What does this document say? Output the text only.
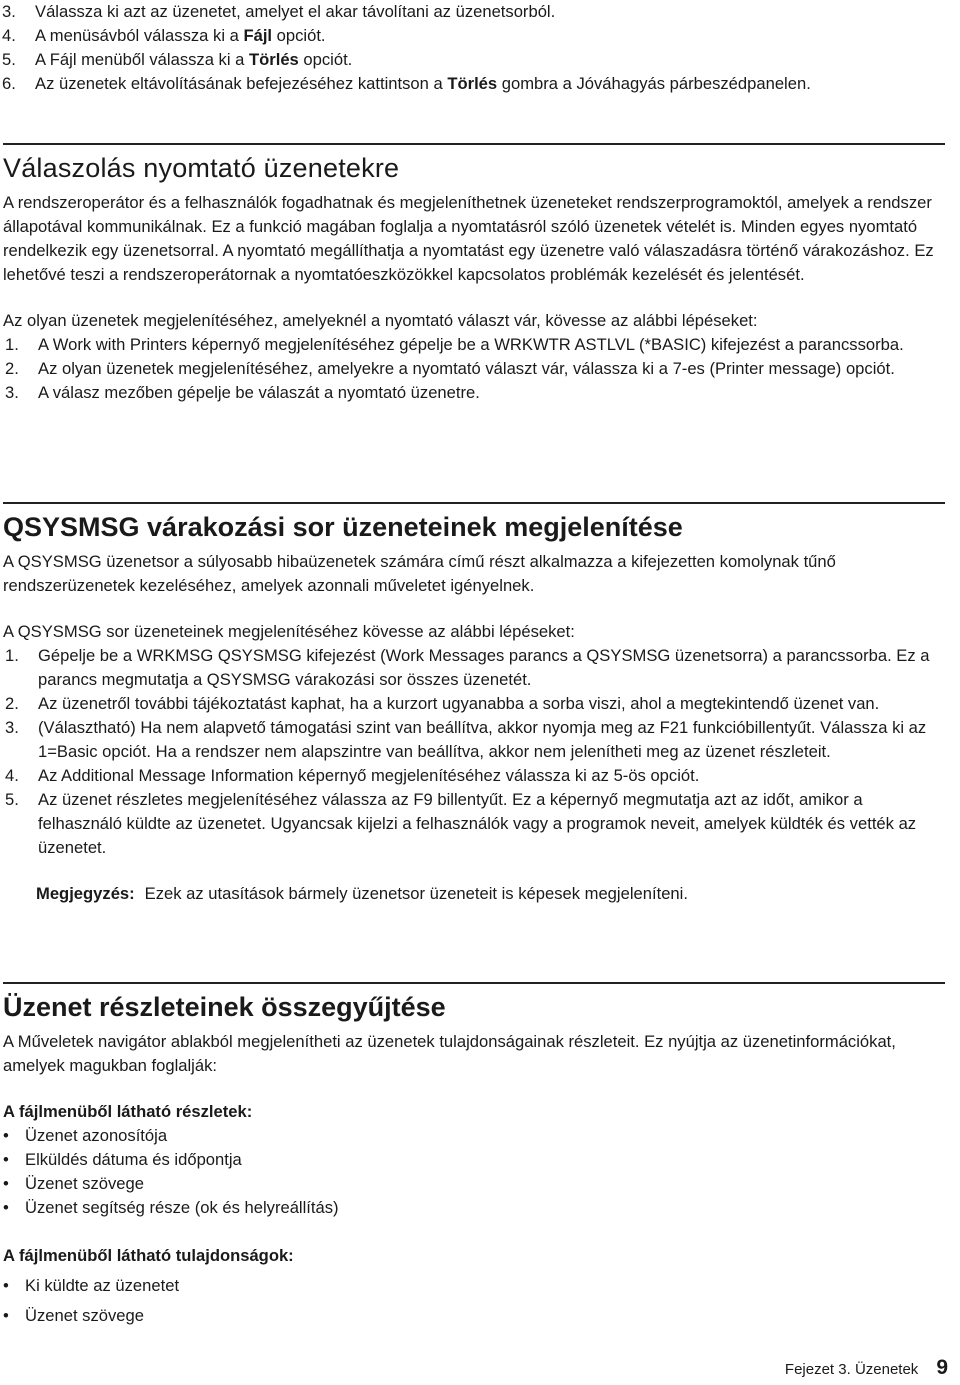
3.	Válassza ki azt az üzenetet, amelyet el akar távolítani az üzenetsorból.
4.	A menüsávból válassza ki a Fájl opciót.
5.	A Fájl menüből válassza ki a Törlés opciót.
6.	Az üzenetek eltávolításának befejezéséhez kattintson a Törlés gombra a Jóváhagyás párbeszédpanelen.
Válaszolás nyomtató üzenetekre

A rendszeroperátor és a felhasználók fogadhatnak és megjeleníthetnek üzeneteket rendszerprogramoktól, amelyek a rendszer állapotával kommunikálnak. Ez a funkció magában foglalja a nyomtatásról szóló üzenetek vételét is. Minden egyes nyomtató rendelkezik egy üzenetsorral. A nyomtató megállíthatja a nyomtatást egy üzenetre való válaszadásra történő várakozáshoz. Ez lehetővé teszi a rendszeroperátornak a nyomtatóeszközökkel kapcsolatos problémák kezelését és jelentését.

Az olyan üzenetek megjelenítéséhez, amelyeknél a nyomtató választ vár, kövesse az alábbi lépéseket:

1.	A Work with Printers képernyő megjelenítéséhez gépelje be a WRKWTR ASTLVL (*BASIC) kifejezést a parancssorba.
2.	Az olyan üzenetek megjelenítéséhez, amelyekre a nyomtató választ vár, válassza ki a 7-es (Printer message) opciót.
3.	A válasz mezőben gépelje be válaszát a nyomtató üzenetre.
QSYSMSG várakozási sor üzeneteinek megjelenítése

A QSYSMSG üzenetsor a súlyosabb hibaüzenetek számára című részt alkalmazza a kifejezetten komolynak tűnő rendszerüzenetek kezeléséhez, amelyek azonnali műveletet igényelnek.

A QSYSMSG sor üzeneteinek megjelenítéséhez kövesse az alábbi lépéseket:

1.	Gépelje be a WRKMSG QSYSMSG kifejezést (Work Messages parancs a QSYSMSG üzenetsorra) a parancssorba. Ez a parancs megmutatja a QSYSMSG várakozási sor összes üzenetét.
2.	Az üzenetről további tájékoztatást kaphat, ha a kurzort ugyanabba a sorba viszi, ahol a megtekintendő üzenet van.
3.	(Választható) Ha nem alapvető támogatási szint van beállítva, akkor nyomja meg az F21 funkcióbillentyűt. Válassza ki az 1=Basic opciót. Ha a rendszer nem alapszintre van beállítva, akkor nem jelenítheti meg az üzenet részleteit.
4.	Az Additional Message Information képernyő megjelenítéséhez válassza ki az 5-ös opciót.
5.	Az üzenet részletes megjelenítéséhez válassza az F9 billentyűt. Ez a képernyő megmutatja azt az időt, amikor a felhasználó küldte az üzenetet. Ugyancsak kijelzi a felhasználók vagy a programok neveit, amelyek küldték és vették az üzenetet.

Megjegyzés: Ezek az utasítások bármely üzenetsor üzeneteit is képesek megjeleníteni.

Üzenet részleteinek összegyűjtése

A Műveletek navigátor ablakból megjelenítheti az üzenetek tulajdonságainak részleteit. Ez nyújtja az üzenetinformációkat, amelyek magukban foglalják:

A fájlmenüből látható részletek:

• Üzenet azonosítója
• Elküldés dátuma és időpontja
• Üzenet szövege
• Üzenet segítség része (ok és helyreállítás)

A fájlmenüből látható tulajdonságok:

• Ki küldte az üzenetet
• Üzenet szövege
Fejezet 3. Üzenetek 9
